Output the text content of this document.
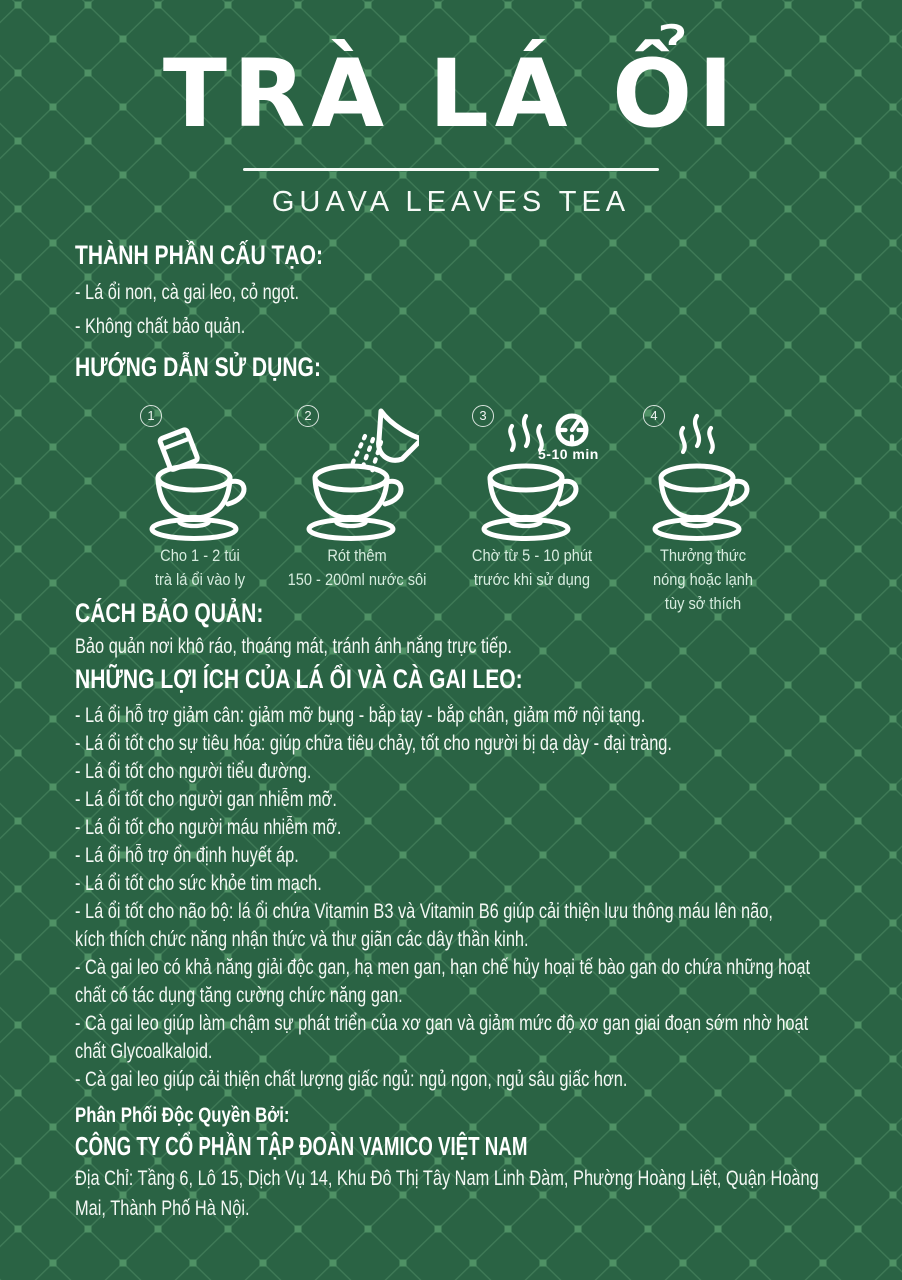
TRÀ LÁ ỔI
GUAVA LEAVES TEA
THÀNH PHẦN CẤU TẠO:
- Lá ổi non, cà gai leo, cỏ ngọt.
- Không chất bảo quản.
HƯỚNG DẪN SỬ DỤNG:
1
Cho 1 - 2 túi
trà lá ổi vào ly
2
Rót thêm
150 - 200ml nước sôi
3
5-10 min
Chờ từ 5 - 10 phút
trước khi sử dụng
4
Thưởng thức
nóng hoặc lạnh
tùy sở thích
CÁCH BẢO QUẢN:
Bảo quản nơi khô ráo, thoáng mát, tránh ánh nắng trực tiếp.
NHỮNG LỢI ÍCH CỦA LÁ ỔI VÀ CÀ GAI LEO:
- Lá ổi hỗ trợ giảm cân: giảm mỡ bụng - bắp tay - bắp chân, giảm mỡ nội tạng.
- Lá ổi tốt cho sự tiêu hóa: giúp chữa tiêu chảy, tốt cho người bị dạ dày - đại tràng.
- Lá ổi tốt cho người tiểu đường.
- Lá ổi tốt cho người gan nhiễm mỡ.
- Lá ổi tốt cho người máu nhiễm mỡ.
- Lá ổi hỗ trợ ổn định huyết áp.
- Lá ổi tốt cho sức khỏe tim mạch.
- Lá ổi tốt cho não bộ: lá ổi chứa Vitamin B3 và Vitamin B6 giúp cải thiện lưu thông máu lên não,
kích thích chức năng nhận thức và thư giãn các dây thần kinh.
- Cà gai leo có khả năng giải độc gan, hạ men gan, hạn chế hủy hoại tế bào gan do chứa những hoạt
chất có tác dụng tăng cường chức năng gan.
- Cà gai leo giúp làm chậm sự phát triển của xơ gan và giảm mức độ xơ gan giai đoạn sớm nhờ hoạt
chất Glycoalkaloid.
- Cà gai leo giúp cải thiện chất lượng giấc ngủ: ngủ ngon, ngủ sâu giấc hơn.
Phân Phối Độc Quyền Bởi:
CÔNG TY CỔ PHẦN TẬP ĐOÀN VAMICO VIỆT NAM
Địa Chỉ: Tầng 6, Lô 15, Dịch Vụ 14, Khu Đô Thị Tây Nam Linh Đàm, Phường Hoàng Liệt, Quận Hoàng
Mai, Thành Phố Hà Nội.
